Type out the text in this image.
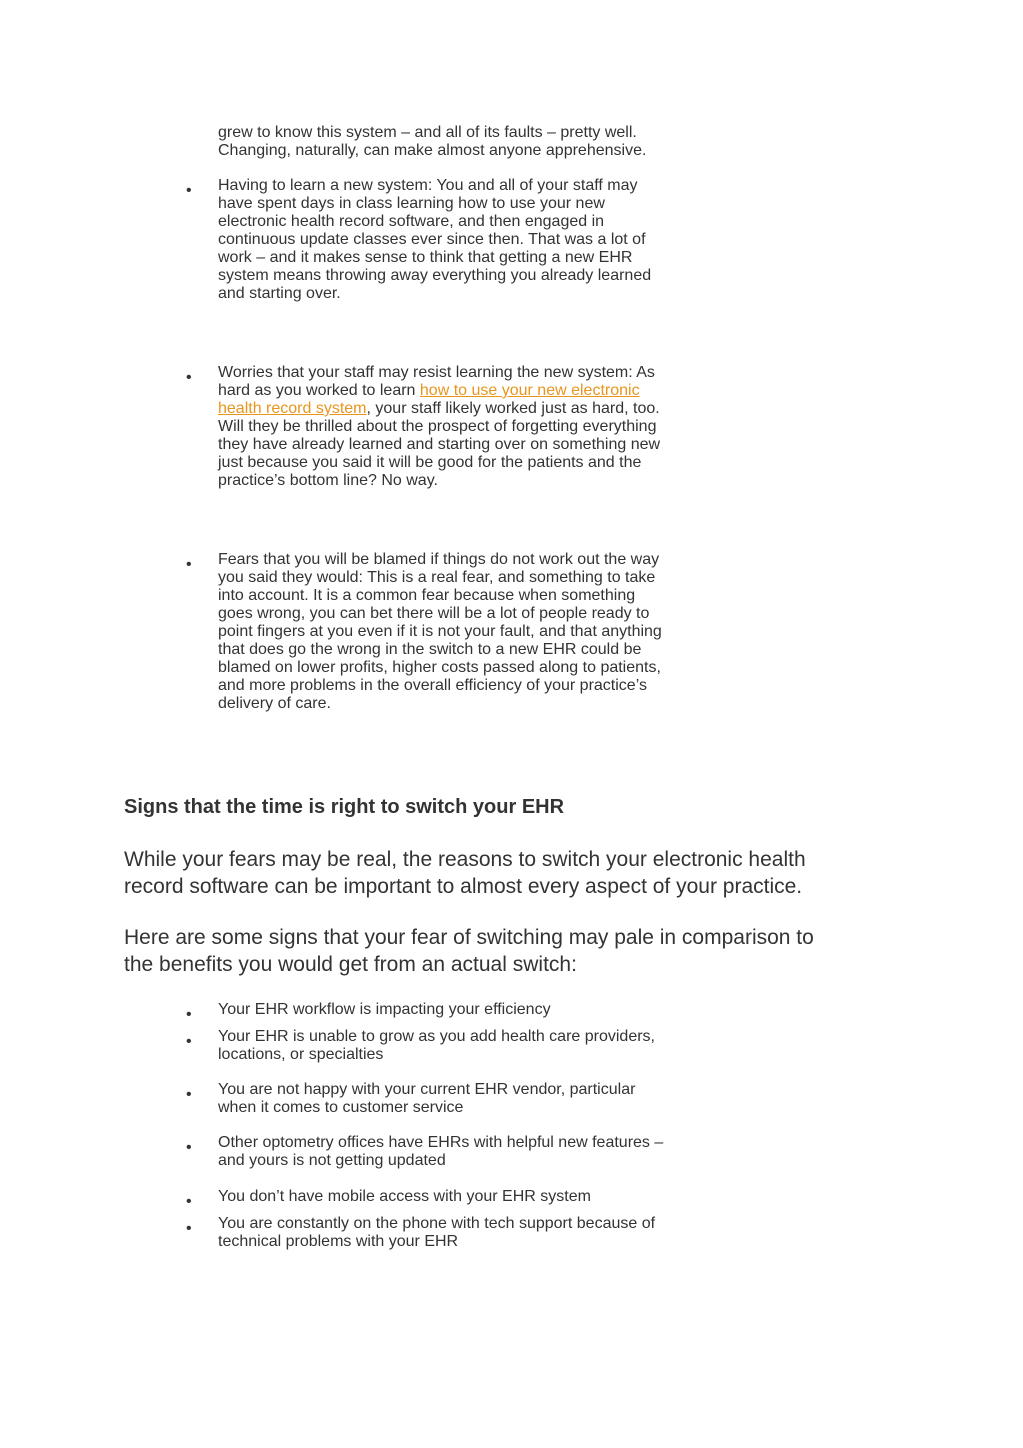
grew to know this system – and all of its faults – pretty well.
Changing, naturally, can make almost anyone apprehensive.
• Having to learn a new system: You and all of your staff may
have spent days in class learning how to use your new
electronic health record software, and then engaged in
continuous update classes ever since then. That was a lot of
work – and it makes sense to think that getting a new EHR
system means throwing away everything you already learned
and starting over.
• Worries that your staff may resist learning the new system: As
hard as you worked to learn how to use your new electronic
health record system, your staff likely worked just as hard, too.
Will they be thrilled about the prospect of forgetting everything
they have already learned and starting over on something new
just because you said it will be good for the patients and the
practice’s bottom line? No way.
• Fears that you will be blamed if things do not work out the way
you said they would: This is a real fear, and something to take
into account. It is a common fear because when something
goes wrong, you can bet there will be a lot of people ready to
point fingers at you even if it is not your fault, and that anything
that does go the wrong in the switch to a new EHR could be
blamed on lower profits, higher costs passed along to patients,
and more problems in the overall efficiency of your practice’s
delivery of care.
Signs that the time is right to switch your EHR
While your fears may be real, the reasons to switch your electronic health
record software can be important to almost every aspect of your practice.
Here are some signs that your fear of switching may pale in comparison to
the benefits you would get from an actual switch:
• Your EHR workflow is impacting your efficiency
• Your EHR is unable to grow as you add health care providers,
locations, or specialties
• You are not happy with your current EHR vendor, particular
when it comes to customer service
• Other optometry offices have EHRs with helpful new features –
and yours is not getting updated
• You don’t have mobile access with your EHR system
• You are constantly on the phone with tech support because of
technical problems with your EHR
